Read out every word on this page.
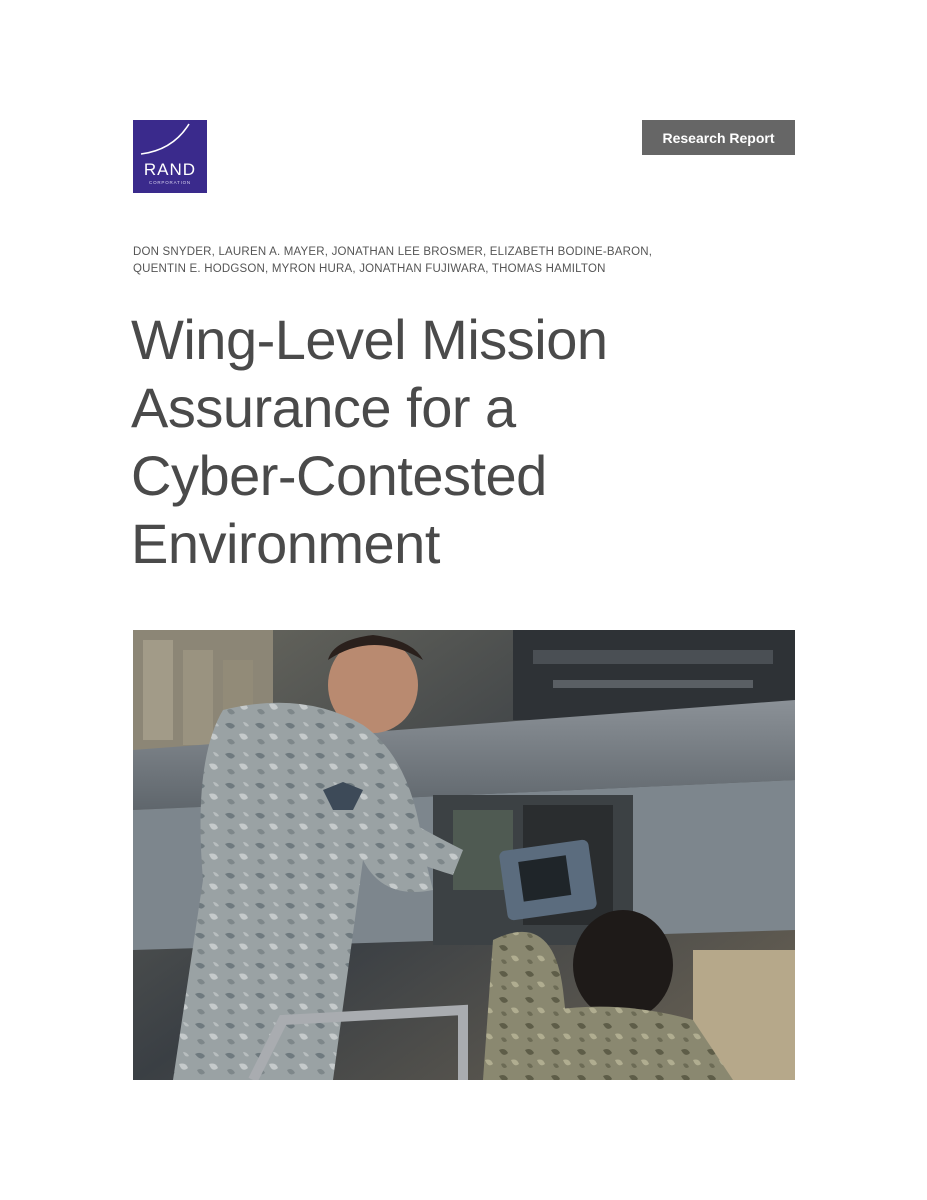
RAND
CORPORATION
Research Report
DON SNYDER, LAUREN A. MAYER, JONATHAN LEE BROSMER, ELIZABETH BODINE-BARON,
QUENTIN E. HODGSON, MYRON HURA, JONATHAN FUJIWARA, THOMAS HAMILTON
Wing-Level Mission
Assurance for a
Cyber-Contested
Environment
